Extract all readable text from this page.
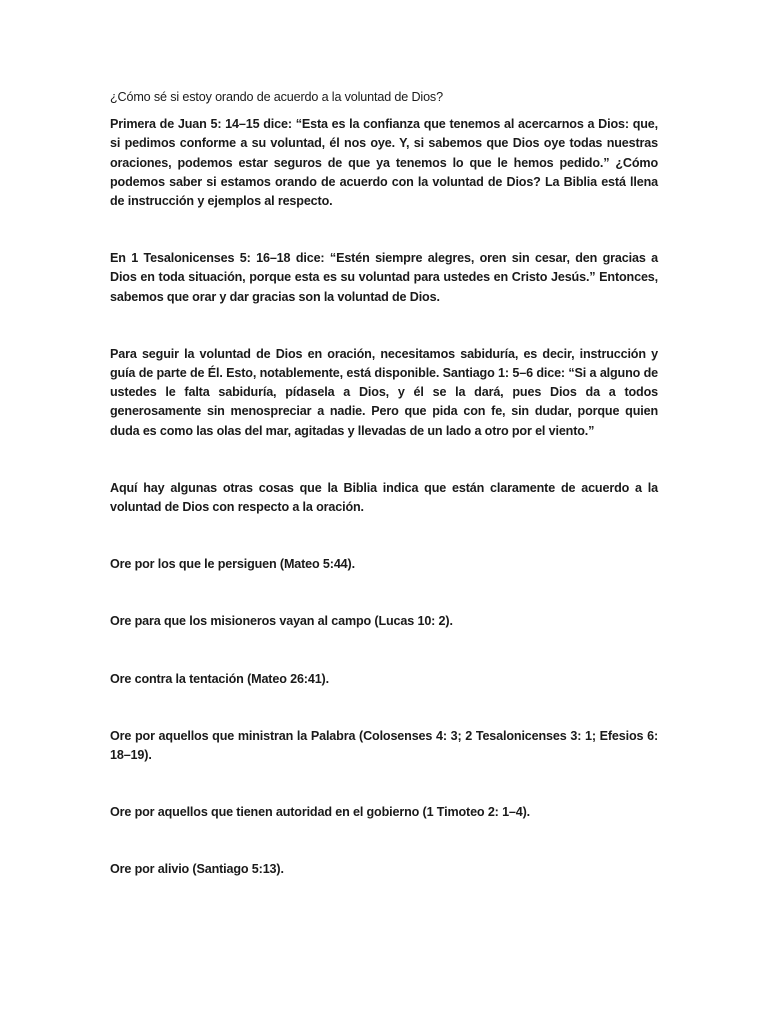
¿Cómo sé si estoy orando de acuerdo a la voluntad de Dios?

Primera de Juan 5: 14–15 dice: “Esta es la confianza que tenemos al acercarnos a Dios: que, si pedimos conforme a su voluntad, él nos oye. Y, si sabemos que Dios oye todas nuestras oraciones, podemos estar seguros de que ya tenemos lo que le hemos pedido.” ¿Cómo podemos saber si estamos orando de acuerdo con la voluntad de Dios? La Biblia está llena de instrucción y ejemplos al respecto.

En 1 Tesalonicenses 5: 16–18 dice: “Estén siempre alegres, oren sin cesar, den gracias a Dios en toda situación, porque esta es su voluntad para ustedes en Cristo Jesús.” Entonces, sabemos que orar y dar gracias son la voluntad de Dios.

Para seguir la voluntad de Dios en oración, necesitamos sabiduría, es decir, instrucción y guía de parte de Él. Esto, notablemente, está disponible. Santiago 1: 5–6 dice: “Si a alguno de ustedes le falta sabiduría, pídasela a Dios, y él se la dará, pues Dios da a todos generosamente sin menospreciar a nadie. Pero que pida con fe, sin dudar, porque quien duda es como las olas del mar, agitadas y llevadas de un lado a otro por el viento.”

Aquí hay algunas otras cosas que la Biblia indica que están claramente de acuerdo a la voluntad de Dios con respecto a la oración.

Ore por los que le persiguen (Mateo 5:44).

Ore para que los misioneros vayan al campo (Lucas 10: 2).

Ore contra la tentación (Mateo 26:41).

Ore por aquellos que ministran la Palabra (Colosenses 4: 3; 2 Tesalonicenses 3: 1; Efesios 6: 18–19).

Ore por aquellos que tienen autoridad en el gobierno (1 Timoteo 2: 1–4).

Ore por alivio (Santiago 5:13).
